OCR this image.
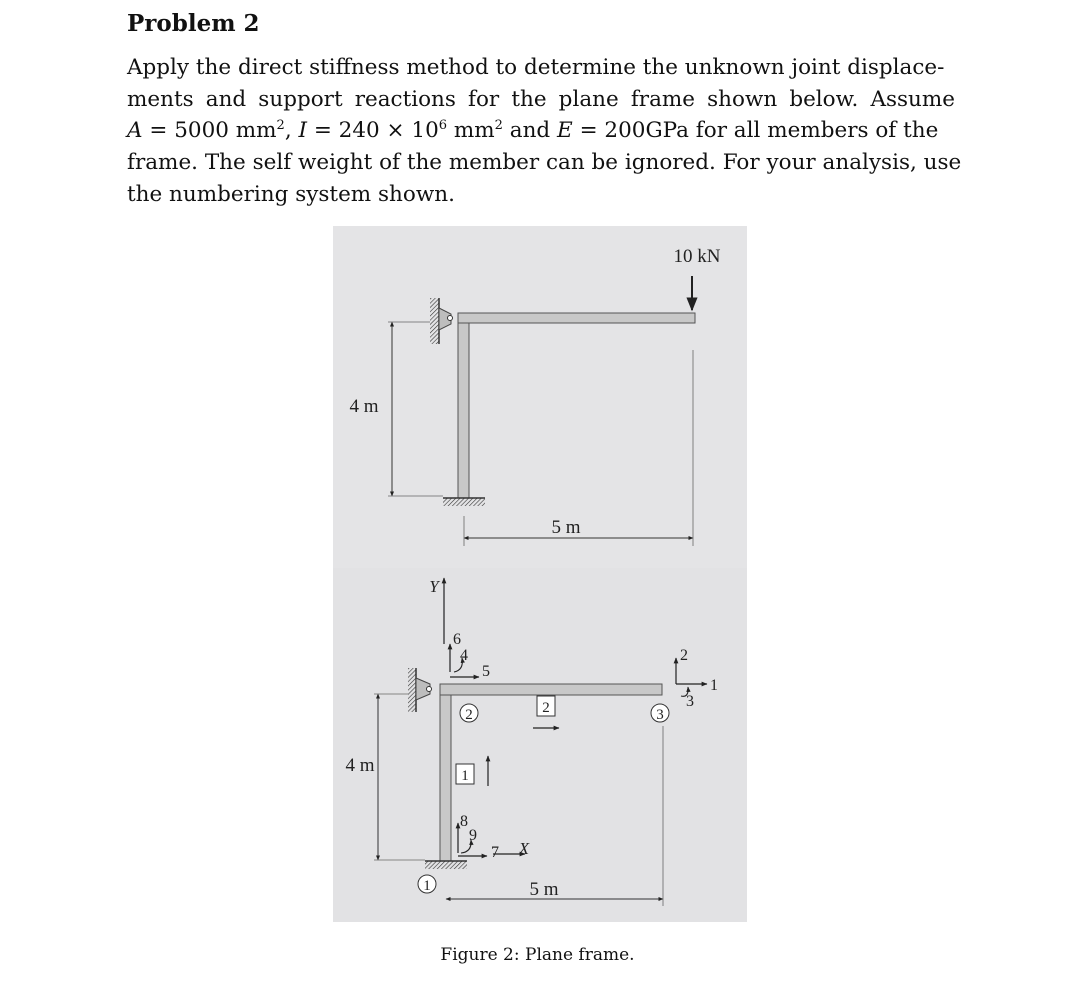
Problem 2
Apply the direct stiffness method to determine the unknown joint displace-
ments and support reactions for the plane frame shown below. Assume
A = 5000 $mm^2$, $I = 240 \times 10^6$ $mm^2$ and E = 200GPa for all members of the
frame. The self weight of the member can be ignored. For your analysis, use
the numbering system shown.
10 kN
4 m
5 m
Y
X
6
4
5
2
1
3
8
9
7
2	3
1
1
2
4 m
5 m
Figure 2: Plane frame.
